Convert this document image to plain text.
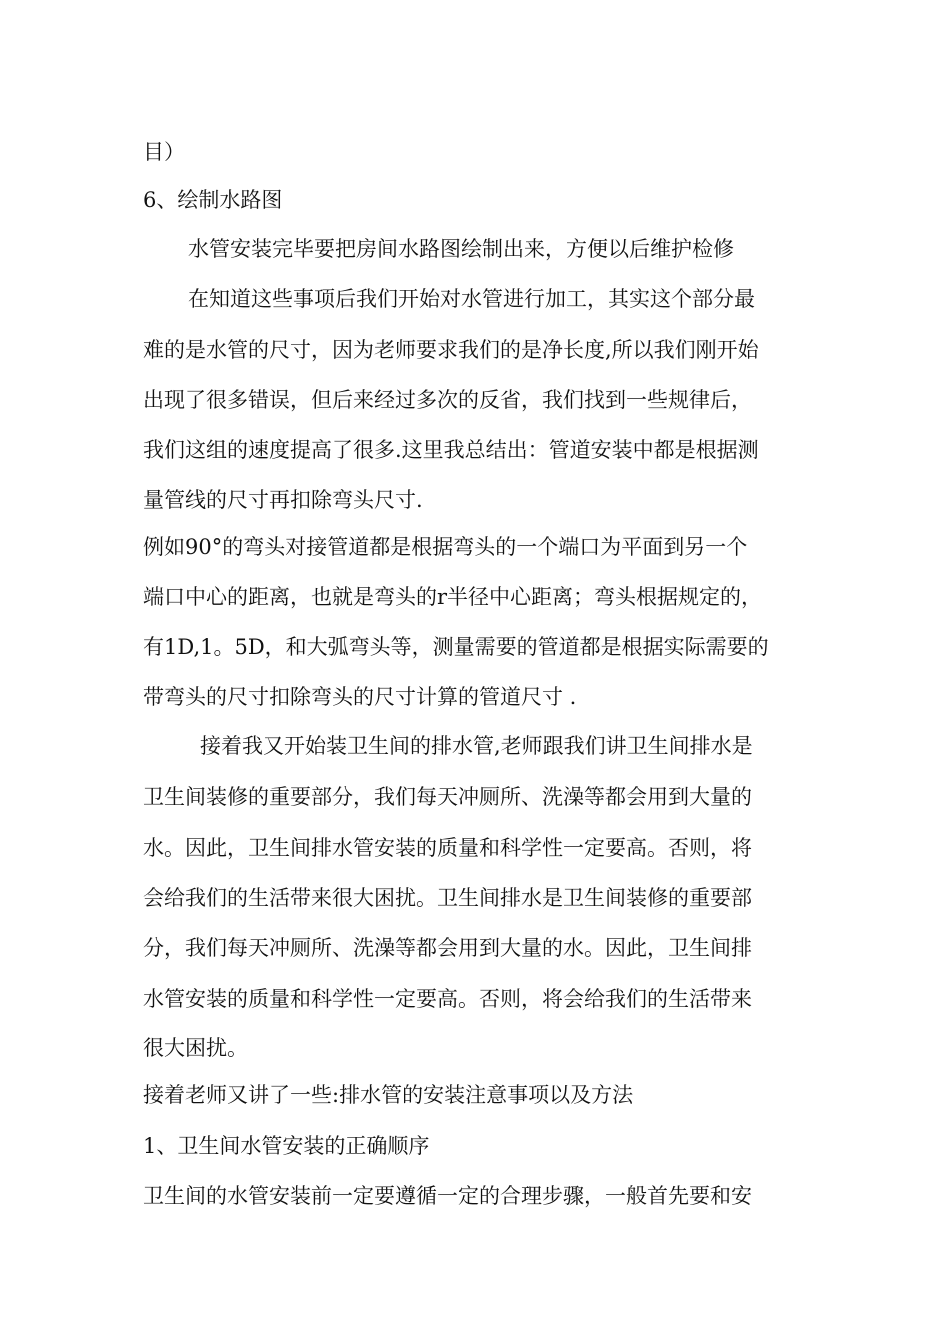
目）
6、绘制水路图
水管安装完毕要把房间水路图绘制出来，方便以后维护检修
在知道这些事项后我们开始对水管进行加工，其实这个部分最
难的是水管的尺寸，因为老师要求我们的是净长度,所以我们刚开始
出现了很多错误，但后来经过多次的反省，我们找到一些规律后，
我们这组的速度提高了很多.这里我总结出：管道安装中都是根据测
量管线的尺寸再扣除弯头尺寸.
例如90°的弯头对接管道都是根据弯头的一个端口为平面到另一个
端口中心的距离，也就是弯头的r半径中心距离；弯头根据规定的，
有1D,1。5D，和大弧弯头等，测量需要的管道都是根据实际需要的
带弯头的尺寸扣除弯头的尺寸计算的管道尺寸 .
接着我又开始装卫生间的排水管,老师跟我们讲卫生间排水是
卫生间装修的重要部分，我们每天冲厕所、洗澡等都会用到大量的
水。因此，卫生间排水管安装的质量和科学性一定要高。否则，将
会给我们的生活带来很大困扰。卫生间排水是卫生间装修的重要部
分，我们每天冲厕所、洗澡等都会用到大量的水。因此，卫生间排
水管安装的质量和科学性一定要高。否则，将会给我们的生活带来
很大困扰。
接着老师又讲了一些:排水管的安装注意事项以及方法
1、卫生间水管安装的正确顺序
卫生间的水管安装前一定要遵循一定的合理步骤，一般首先要和安
